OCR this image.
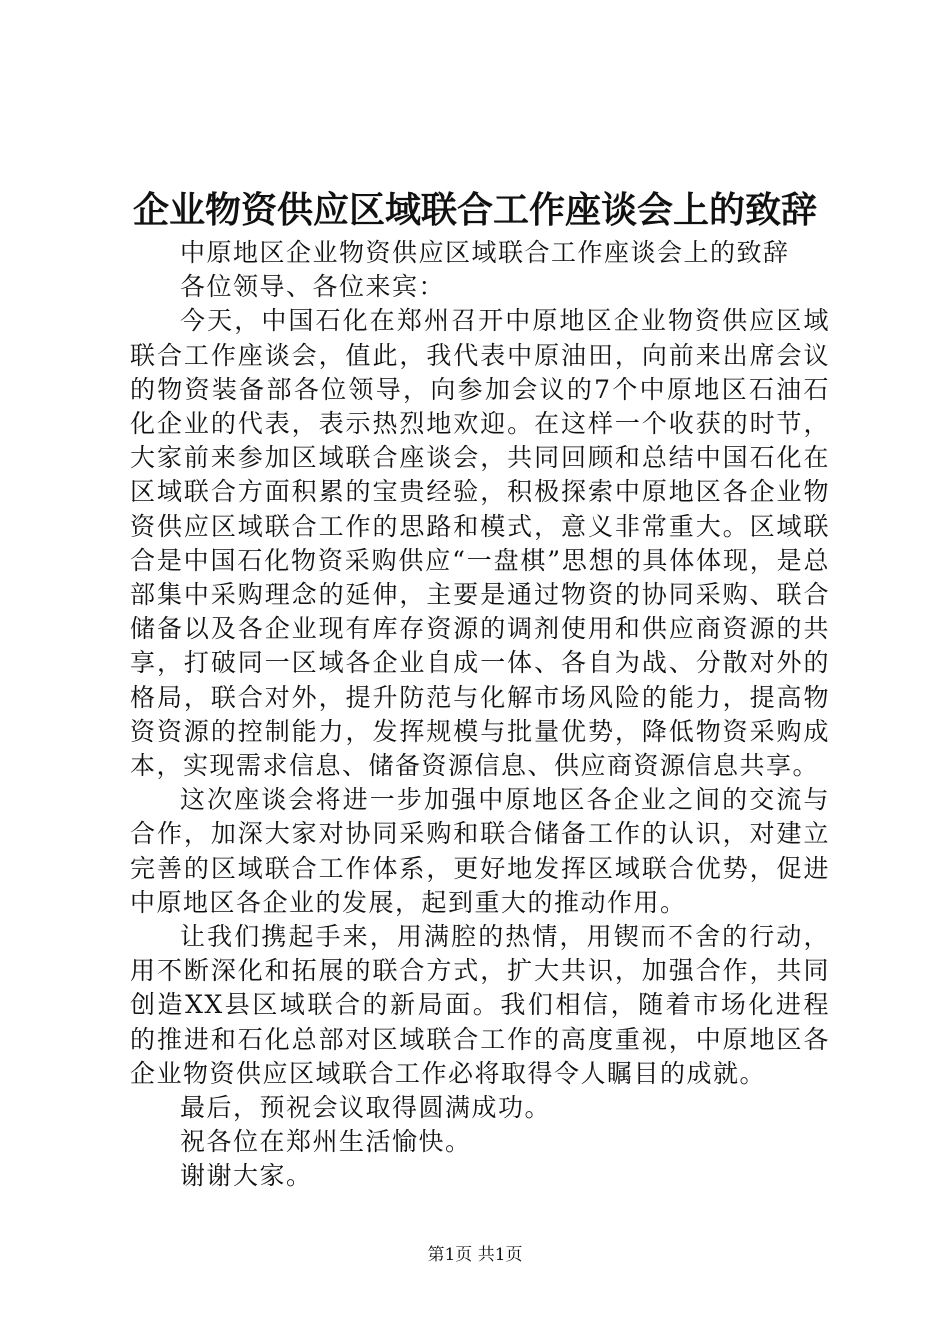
企业物资供应区域联合工作座谈会上的致辞

中原地区企业物资供应区域联合工作座谈会上的致辞

各位领导、各位来宾：

今天，中国石化在郑州召开中原地区企业物资供应区域联合工作座谈会，值此，我代表中原油田，向前来出席会议的物资装备部各位领导，向参加会议的7个中原地区石油石化企业的代表，表示热烈地欢迎。在这样一个收获的时节，大家前来参加区域联合座谈会，共同回顾和总结中国石化在区域联合方面积累的宝贵经验，积极探索中原地区各企业物资供应区域联合工作的思路和模式，意义非常重大。区域联合是中国石化物资采购供应“一盘棋”思想的具体体现，是总部集中采购理念的延伸，主要是通过物资的协同采购、联合储备以及各企业现有库存资源的调剂使用和供应商资源的共享，打破同一区域各企业自成一体、各自为战、分散对外的格局，联合对外，提升防范与化解市场风险的能力，提高物资资源的控制能力，发挥规模与批量优势，降低物资采购成本，实现需求信息、储备资源信息、供应商资源信息共享。

这次座谈会将进一步加强中原地区各企业之间的交流与合作，加深大家对协同采购和联合储备工作的认识，对建立完善的区域联合工作体系，更好地发挥区域联合优势，促进中原地区各企业的发展，起到重大的推动作用。

让我们携起手来，用满腔的热情，用锲而不舍的行动，用不断深化和拓展的联合方式，扩大共识，加强合作，共同创造XX县区域联合的新局面。我们相信，随着市场化进程的推进和石化总部对区域联合工作的高度重视，中原地区各企业物资供应区域联合工作必将取得令人瞩目的成就。

最后，预祝会议取得圆满成功。

祝各位在郑州生活愉快。

谢谢大家。

第1页 共1页
